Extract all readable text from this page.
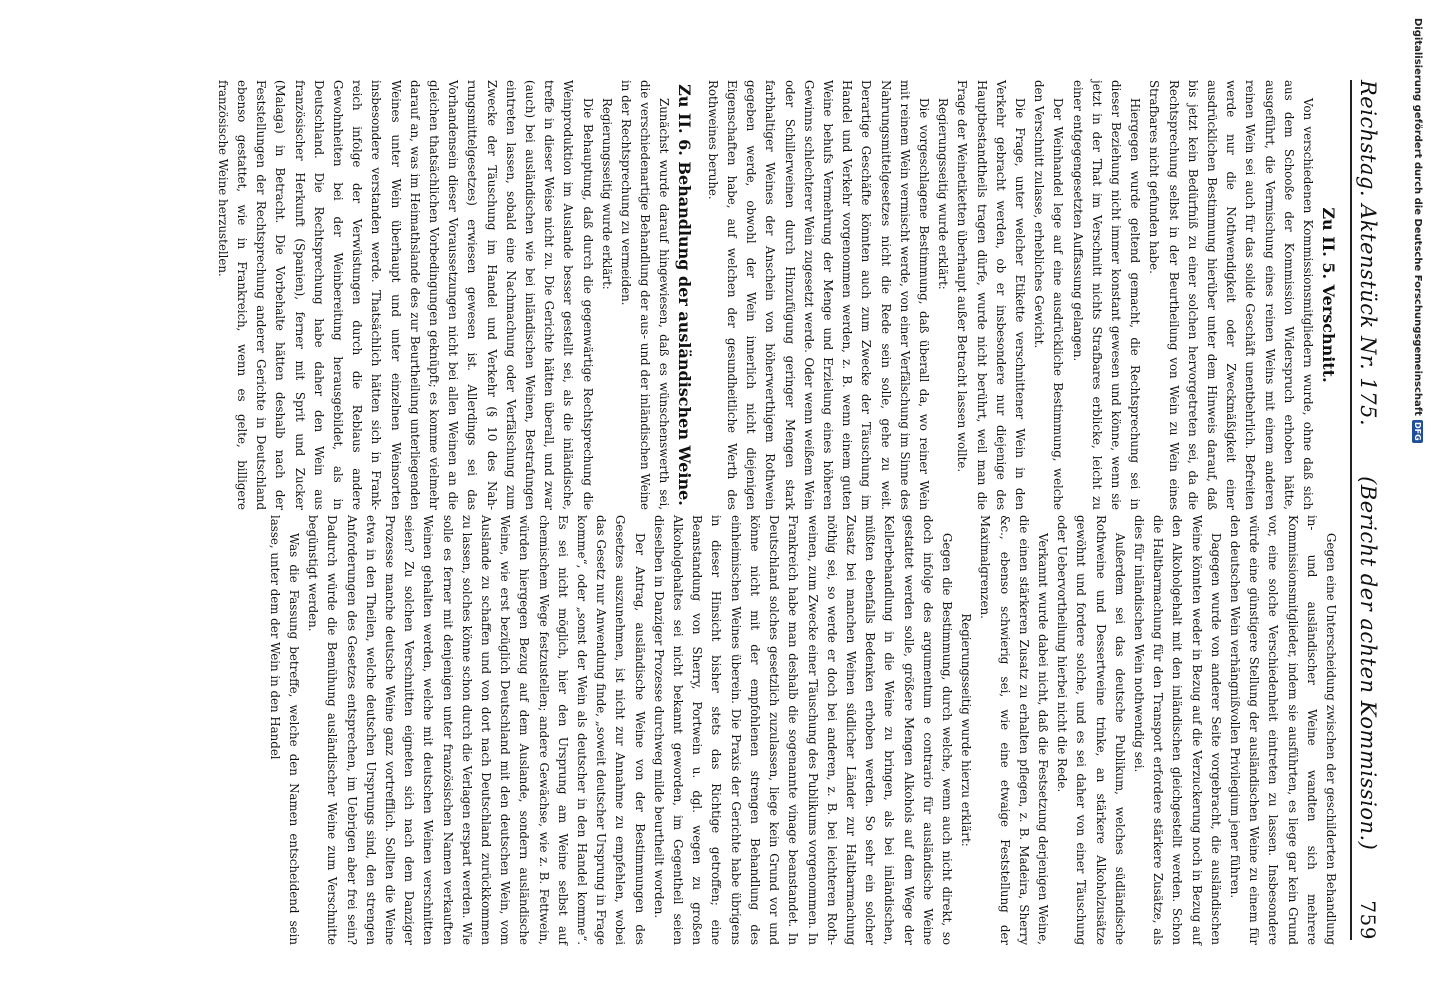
Reichstag. Aktenstück Nr. 175.
(Bericht der achten Kommission.)
759
Zu II. 5. Verschnitt.

Von verschiedenen Kommissionsmitgliedern wurde, ohne daß sich aus dem Schooße der Kommission Widerspruch erhoben hätte, ausgeführt, die Vermischung eines reinen Weins mit einem anderen reinen Wein sei auch für das solide Geschäft unentbehrlich. Befreiten werde nur die Nothwendigkeit oder Zweckmäßigkeit einer ausdrücklichen Bestimmung hierüber unter dem Hinweis darauf, daß bis jetzt kein Bedürfniß zu einer solchen hervorgetreten sei, da die Rechtsprechung selbst in der Beurtheilung von Wein zu Wein eines Strafbares nicht gefunden habe.

Hiergegen wurde geltend gemacht, die Rechtsprechung sei in dieser Beziehung nicht immer konstant gewesen und könne, wenn sie jetzt in der That im Verschnitt nichts Strafbares erblicke, leicht zu einer entgegengesetzten Auffassung gelangen.

Der Weinhandel lege auf eine ausdrückliche Bestimmung, welche den Verschnitt zulasse, erhebliches Gewicht.

Die Frage, unter welcher Etikette verschnittener Wein in den Verkehr gebracht werden, ob er insbesondere nur diejenige des Hauptbestandtheils tragen dürfe, wurde nicht berührt, weil man die Frage der Weinetiketten überhaupt außer Betracht lassen wollte.

Regierungsseitig wurde erklärt:

Die vorgeschlagene Bestimmung, daß überall da, wo reiner Wein mit reinem Wein vermischt werde, von einer Verfälschung im Sinne des Nahrungsmittelgesetzes nicht die Rede sein solle, gehe zu weit. Derartige Geschäfte könnten auch zum Zwecke der Täuschung im Handel und Verkehr vorgenommen werden, z. B. wenn einem guten Weine behufs Vermehrung der Menge und Erzielung eines höheren Gewinns schlechterer Wein zugesetzt werde. Oder wenn weißem Wein oder Schillerweinen durch Hinzufügung geringer Mengen stark farbhaltiger Weines der Anschein von höherwerthigem Rothwein gegeben werde, obwohl der Wein innerlich nicht diejenigen Eigenschaften habe, auf welchen der gesundheitliche Werth des Rothweines beruhe.

Zu II. 6. Behandlung der ausländischen Weine.

Zunächst wurde darauf hingewiesen, daß es wünschenswerth sei, die verschiedenartige Behandlung der aus- und der inländischen Weine in der Rechtsprechung zu vermeiden.

Regierungsseitig wurde erklärt:

Die Behauptung, daß durch die gegenwärtige Rechtsprechung die Weinproduktion im Auslande besser gestellt sei, als die inländische, treffe in dieser Weise nicht zu. Die Gerichte hätten überall, und zwar (auch) bei ausländischen wie bei inländischen Weinen, Bestrafungen eintreten lassen, sobald eine Nachmachung oder Verfälschung zum Zwecke der Täuschung im Handel und Verkehr (§ 10 des Nahrungsmittelgesetzes) erwiesen gewesen ist. Allerdings sei das Vorhandensein dieser Voraussetzungen nicht bei allen Weinen an die gleichen thatsächlichen Vorbedingungen geknüpft; es komme vielmehr darauf an, was im Heimathslande des zur Beurtheilung unterliegenden Weines unter Wein überhaupt und unter einzelnen Weinsorten insbesondere verstanden werde. Thatsächlich hätten sich in Frankreich infolge der Verwüstungen durch die Reblaus andere Gewohnheiten bei der Weinbereitung herausgebildet, als in Deutschland. Die Rechtsprechung habe daher den Wein aus französischer Herkunft (Spanien), ferner mit Sprit und Zucker (Malaga) in Betracht. Die Vorbehalte hätten deshalb nach der Feststellungen der Rechtsprechung anderer Gerichte in Deutschland ebenso gestattet, wie in Frankreich, wenn es gelte, billigere französische Weine herzustellen.

Gegen eine Unterscheidung zwischen der geschilderten Behandlung in- und ausländischer Weine wandten sich mehrere Kommissionsmitglieder, indem sie ausführten, es liege gar kein Grund vor, eine solche Verschiedenheit eintreten zu lassen. Insbesondere würde eine günstigere Stellung der ausländischen Weine zu einem für den deutschen Wein verhängnißvollen Privilegium jener führen.

Dagegen wurde von anderer Seite vorgebracht, die ausländischen Weine könnten weder in Bezug auf die Verzuckerung noch in Bezug auf den Alkoholgehalt mit den inländischen gleichgestellt werden. Schon die Haltbarmachung für den Transport erfordere stärkere Zusätze, als dies für inländischen Wein nothwendig sei.

Außerdem sei das deutsche Publikum, welches südländische Rothweine und Dessertweine trinke, an stärkere Alkoholzusätze gewöhnt und fordere solche, und es sei daher von einer Täuschung oder Uebervortheilung hierbei nicht die Rede.

Verkannt wurde dabei nicht, daß die Festsetzung derjenigen Weine, die einen stärkeren Zusatz zu erhalten pflegen, z. B. Madeira, Sherry &c., ebenso schwierig sei, wie eine etwaige Feststellung der Maximalgrenzen.

Regierungsseitig wurde hierzu erklärt:

Gegen die Bestimmung, durch welche, wenn auch nicht direkt, so doch infolge des argumentum e contrario für ausländische Weine gestattet werden solle, größere Mengen Alkohols auf dem Wege der Kellerbehandlung in die Weine zu bringen, als bei inländischen, müßten ebenfalls Bedenken erhoben werden. So sehr ein solcher Zusatz bei manchen Weinen südlicher Länder zur Haltbarmachung nöthig sei, so werde er doch bei anderen, z. B. bei leichteren Rothweinen, zum Zwecke einer Täuschung des Publikums vorgenommen. In Frankreich habe man deshalb die sogenannte vinage beanstandet. In Deutschland solches gesetzlich zuzulassen, liege kein Grund vor und könne nicht mit der empfohlenen strengen Behandlung des einheimischen Weines überein. Die Praxis der Gerichte habe übrigens in dieser Hinsicht bisher stets das Richtige getroffen; eine Beanstandung von Sherry, Portwein u. dgl. wegen zu großen Alkoholgehaltes sei nicht bekannt geworden, im Gegentheil seien dieselben in Danziger Prozesse durchweg milde beurtheilt worden.

Der Antrag, ausländische Weine von der Bestimmungen des Gesetzes auszunehmen, ist nicht zur Annahme zu empfehlen, wobei das Gesetz nur Anwendung finde, „soweit deutscher Ursprung in Frage komme“, oder „sonst der Wein als deutscher in den Handel komme“. Es sei nicht möglich, hier den Ursprung am Weine selbst auf chemischem Wege festzustellen; andere Gewächse, wie z. B. Fettwein, würden hiergegen Bezug auf dem Auslande, sondern ausländische Weine, wie erst bezüglich Deutschland mit den deutschen Wein, vom Auslande zu schaffen und von dort nach Deutschland zurückkommen zu lassen, solches könne schon durch die Verlagen erspart werden. Wie solle es ferner mit denjenigen unter französischen Namen verkauften Weinen gehalten werden, welche mit deutschen Weinen verschnitten seien? Zu solchen Verschnitten eigneten sich nach dem Danziger Prozesse manche deutsche Weine ganz vortrefflich. Sollten die Weine etwa in den Theilen, welche deutschen Ursprungs sind, den strengen Anforderungen des Gesetzes entsprechen, im Uebrigen aber frei sein? Dadurch würde die Bemühung ausländischer Weine zum Verschnitte begünstigt werden.

Was die Fassung betreffe, welche den Namen entscheidend sein lasse, unter dem der Wein in den Handel

Digitalisierung gefördert durch die Deutsche Forschungsgemeinschaft
DFG
